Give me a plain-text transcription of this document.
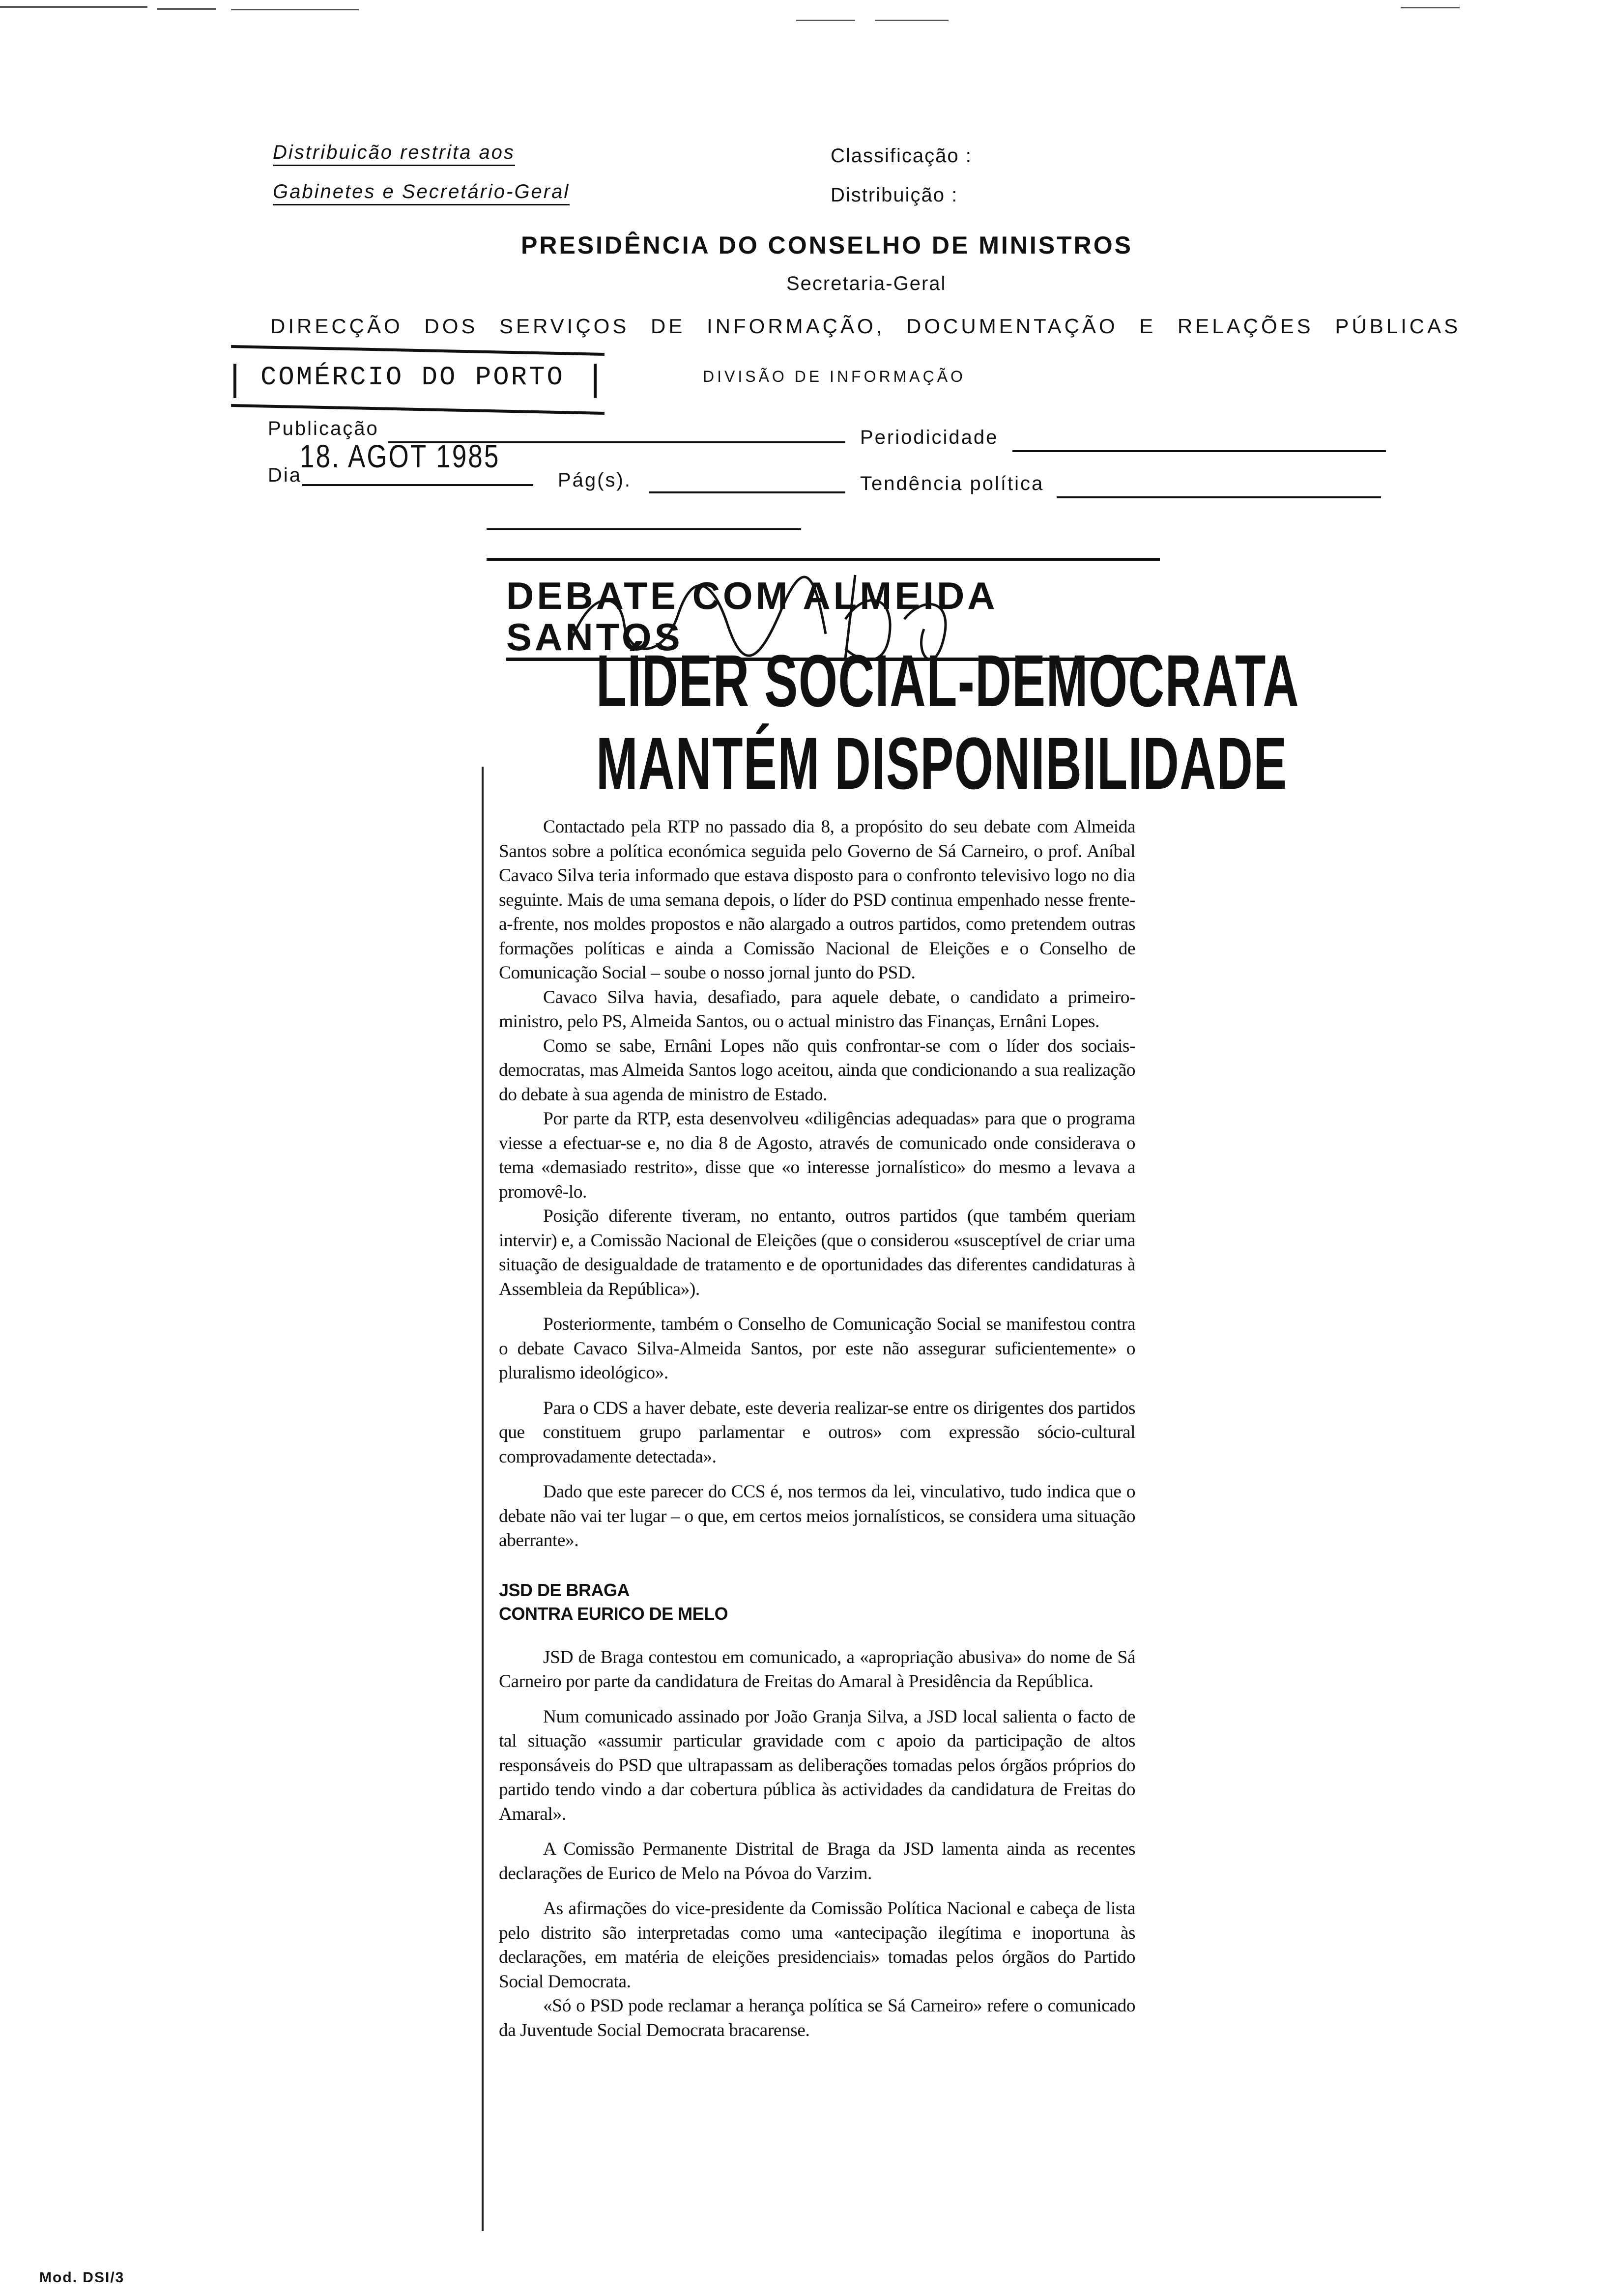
Distribuicão restrita aos
Gabinetes e Secretário-Geral
Classificação :
Distribuição :
PRESIDÊNCIA DO CONSELHO DE MINISTROS
Secretaria-Geral
DIRECÇÃO DOS SERVIÇOS DE INFORMAÇÃO, DOCUMENTAÇÃO E RELAÇÕES PÚBLICAS
COMÉRCIO DO PORTO	DIVISÃO DE INFORMAÇÃO
Publicação	Periodicidade
Dia
18. AGOT 1985
Pág(s).	Tendência política
DEBATE COM ALMEIDA SANTOS
LÍDER SOCIAL-DEMOCRATA
MANTÉM DISPONIBILIDADE

Contactado pela RTP no passado dia 8, a propósito do seu debate com Almeida Santos sobre a política económica seguida pelo Governo de Sá Carneiro, o prof. Aníbal Cavaco Silva teria informado que estava disposto para o confronto televisivo logo no dia seguinte. Mais de uma semana depois, o líder do PSD continua empenhado nesse frente-a-frente, nos moldes propostos e não alargado a outros partidos, como pretendem outras formações políticas e ainda a Comissão Nacional de Eleições e o Conselho de Comunicação Social – soube o nosso jornal junto do PSD.

Cavaco Silva havia, desafiado, para aquele debate, o candidato a primeiro-ministro, pelo PS, Almeida Santos, ou o actual ministro das Finanças, Ernâni Lopes.

Como se sabe, Ernâni Lopes não quis confrontar-se com o líder dos sociais-democratas, mas Almeida Santos logo aceitou, ainda que condicionando a sua realização do debate à sua agenda de ministro de Estado.

Por parte da RTP, esta desenvolveu «diligências adequadas» para que o programa viesse a efectuar-se e, no dia 8 de Agosto, através de comunicado onde considerava o tema «demasiado restrito», disse que «o interesse jornalístico» do mesmo a levava a promovê-lo.

Posição diferente tiveram, no entanto, outros partidos (que também queriam intervir) e, a Comissão Nacional de Eleições (que o considerou «susceptível de criar uma situação de desigualdade de tratamento e de oportunidades das diferentes candidaturas à Assembleia da República»).

Posteriormente, também o Conselho de Comunicação Social se manifestou contra o debate Cavaco Silva-Almeida Santos, por este não assegurar suficientemente» o pluralismo ideológico».

Para o CDS a haver debate, este deveria realizar-se entre os dirigentes dos partidos que constituem grupo parlamentar e outros» com expressão sócio-cultural comprovadamente detectada».

Dado que este parecer do CCS é, nos termos da lei, vinculativo, tudo indica que o debate não vai ter lugar – o que, em certos meios jornalísticos, se considera uma situação aberrante».

JSD DE BRAGA
CONTRA EURICO DE MELO

JSD de Braga contestou em comunicado, a «apropriação abusiva» do nome de Sá Carneiro por parte da candidatura de Freitas do Amaral à Presidência da República.

Num comunicado assinado por João Granja Silva, a JSD local salienta o facto de tal situação «assumir particular gravidade com c apoio da participação de altos responsáveis do PSD que ultrapassam as deliberações tomadas pelos órgãos próprios do partido tendo vindo a dar cobertura pública às actividades da candidatura de Freitas do Amaral».

A Comissão Permanente Distrital de Braga da JSD lamenta ainda as recentes declarações de Eurico de Melo na Póvoa do Varzim.

As afirmações do vice-presidente da Comissão Política Nacional e cabeça de lista pelo distrito são interpretadas como uma «antecipação ilegítima e inoportuna às declarações, em matéria de eleições presidenciais» tomadas pelos órgãos do Partido Social Democrata.

«Só o PSD pode reclamar a herança política se Sá Carneiro» refere o comunicado da Juventude Social Democrata bracarense.

Mod. DSI/3
